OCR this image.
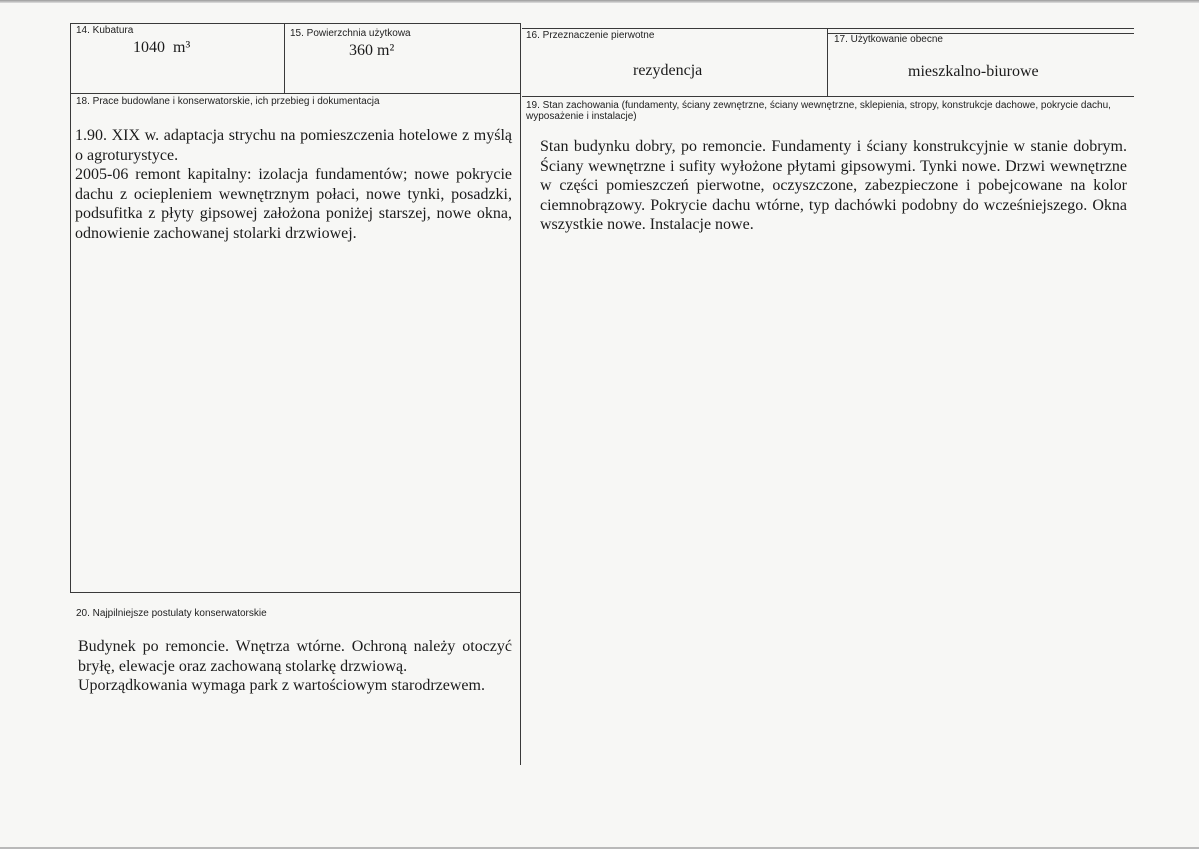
14. Kubatura
1040  m³
15. Powierzchnia użytkowa
360 m²
16. Przeznaczenie pierwotne
rezydencja
17. Użytkowanie obecne
mieszkalno-biurowe
18. Prace budowlane i konserwatorskie, ich przebieg i dokumentacja

1.90. XIX w. adaptacja strychu na pomieszczenia hotelowe z myślą o agroturystyce.

2005-06 remont kapitalny: izolacja fundamentów; nowe pokrycie dachu z ociepleniem wewnętrznym połaci, nowe tynki, posadzki, podsufitka z płyty gipsowej założona poniżej starszej, nowe okna, odnowienie zachowanej stolarki drzwiowej.

19. Stan zachowania (fundamenty, ściany zewnętrzne, ściany wewnętrzne, sklepienia, stropy, konstrukcje dachowe, pokrycie dachu, wyposażenie i instalacje)

Stan budynku dobry, po remoncie. Fundamenty i ściany konstrukcyjnie w stanie dobrym. Ściany wewnętrzne i sufity wyłożone płytami gipsowymi. Tynki nowe. Drzwi wewnętrzne w części pomieszczeń pierwotne, oczyszczone, zabezpieczone i pobejcowane na kolor ciemnobrązowy. Pokrycie dachu wtórne, typ dachówki podobny do wcześniejszego. Okna wszystkie nowe. Instalacje nowe.

20. Najpilniejsze postulaty konserwatorskie

Budynek po remoncie. Wnętrza wtórne. Ochroną należy otoczyć bryłę, elewacje oraz zachowaną stolarkę drzwiową.

Uporządkowania wymaga park z wartościowym starodrzewem.
